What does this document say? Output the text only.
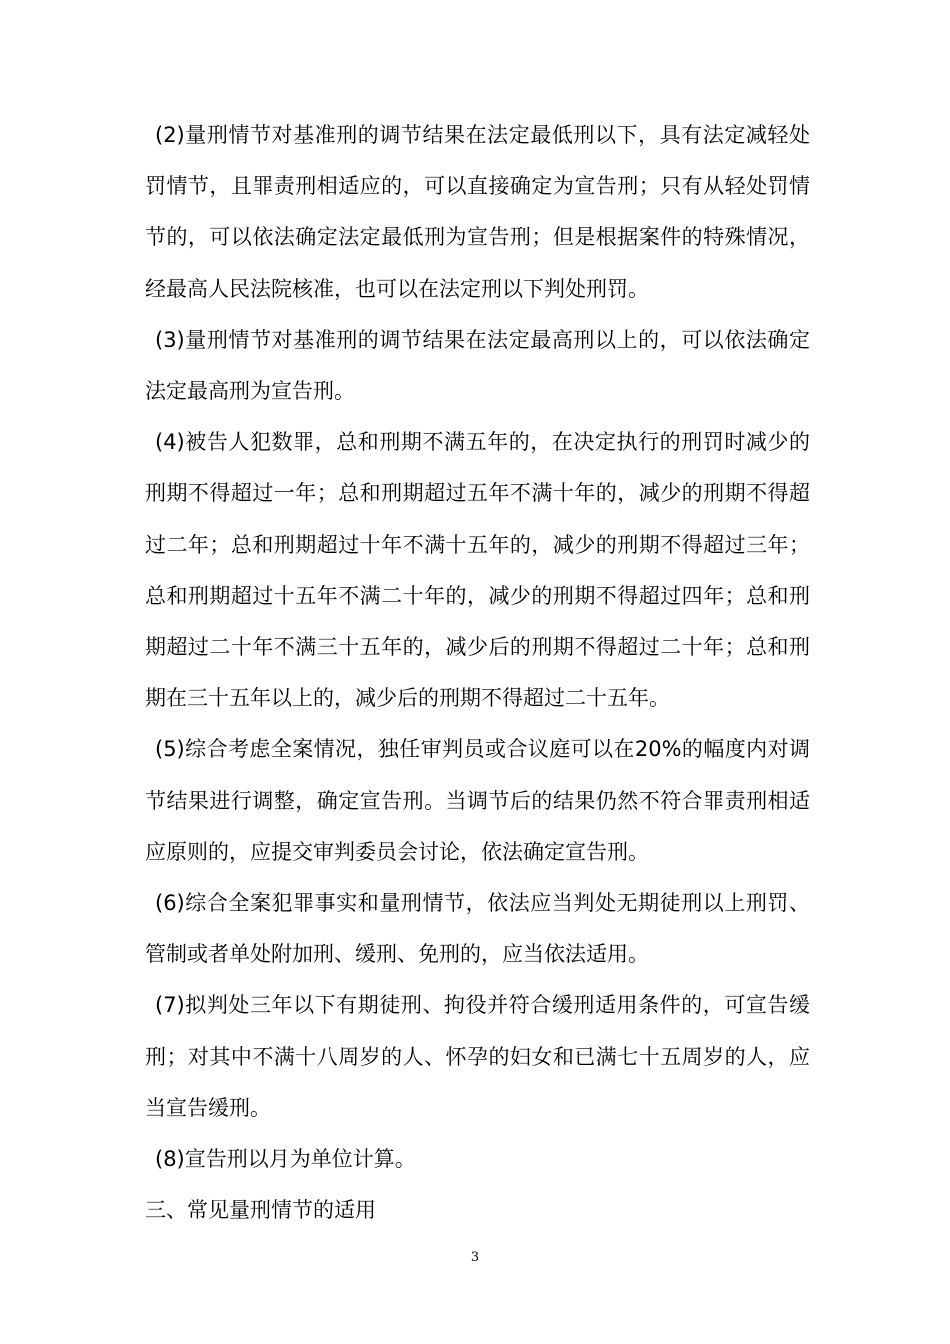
(2)量刑情节对基准刑的调节结果在法定最低刑以下，具有法定减轻处罚情节，且罪责刑相适应的，可以直接确定为宣告刑；只有从轻处罚情节的，可以依法确定法定最低刑为宣告刑；但是根据案件的特殊情况，经最高人民法院核准，也可以在法定刑以下判处刑罚。

(3)量刑情节对基准刑的调节结果在法定最高刑以上的，可以依法确定法定最高刑为宣告刑。

(4)被告人犯数罪，总和刑期不满五年的，在决定执行的刑罚时减少的刑期不得超过一年；总和刑期超过五年不满十年的，减少的刑期不得超过二年；总和刑期超过十年不满十五年的，减少的刑期不得超过三年；总和刑期超过十五年不满二十年的，减少的刑期不得超过四年；总和刑期超过二十年不满三十五年的，减少后的刑期不得超过二十年；总和刑期在三十五年以上的，减少后的刑期不得超过二十五年。

(5)综合考虑全案情况，独任审判员或合议庭可以在20%的幅度内对调节结果进行调整，确定宣告刑。当调节后的结果仍然不符合罪责刑相适应原则的，应提交审判委员会讨论，依法确定宣告刑。

(6)综合全案犯罪事实和量刑情节，依法应当判处无期徒刑以上刑罚、管制或者单处附加刑、缓刑、免刑的，应当依法适用。

(7)拟判处三年以下有期徒刑、拘役并符合缓刑适用条件的，可宣告缓刑；对其中不满十八周岁的人、怀孕的妇女和已满七十五周岁的人，应当宣告缓刑。

(8)宣告刑以月为单位计算。

三、常见量刑情节的适用

3
